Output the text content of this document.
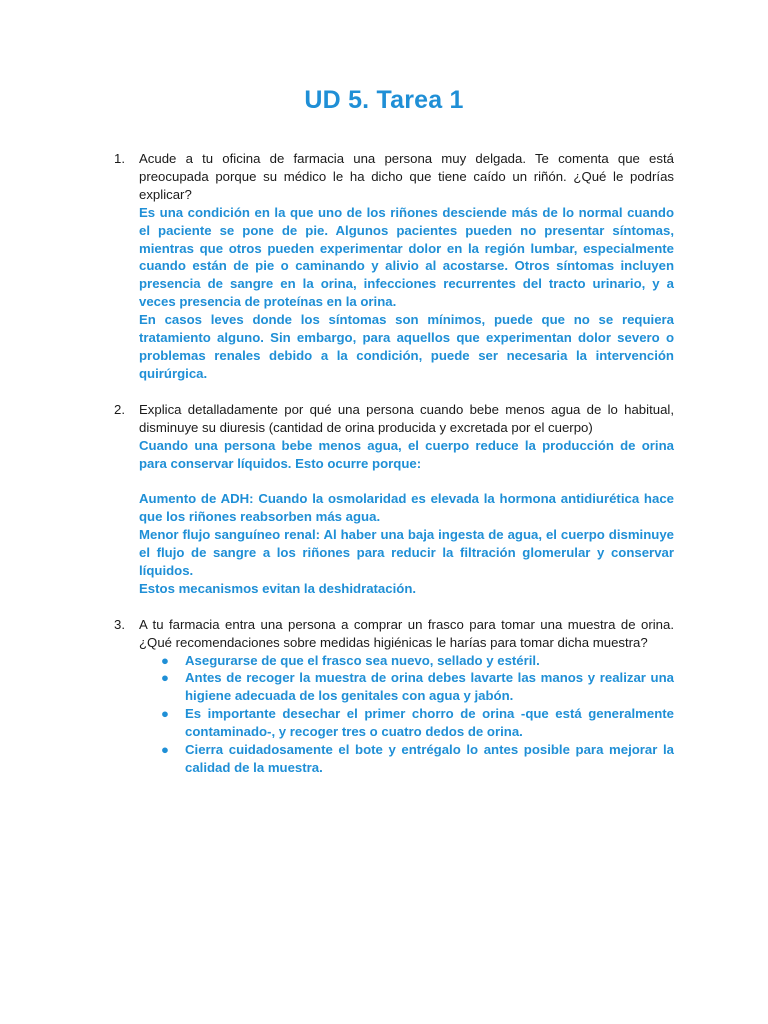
UD 5. Tarea 1
1.	Acude a tu oficina de farmacia una persona muy delgada. Te comenta que está preocupada porque su médico le ha dicho que tiene caído un riñón. ¿Qué le podrías explicar?

Es una condición en la que uno de los riñones desciende más de lo normal cuando el paciente se pone de pie. Algunos pacientes pueden no presentar síntomas, mientras que otros pueden experimentar dolor en la región lumbar, especialmente cuando están de pie o caminando y alivio al acostarse. Otros síntomas incluyen presencia de sangre en la orina, infecciones recurrentes del tracto urinario, y a veces presencia de proteínas en la orina.

En casos leves donde los síntomas son mínimos, puede que no se requiera tratamiento alguno. Sin embargo, para aquellos que experimentan dolor severo o problemas renales debido a la condición, puede ser necesaria la intervención quirúrgica.

2.	Explica detalladamente por qué una persona cuando bebe menos agua de lo habitual, disminuye su diuresis (cantidad de orina producida y excretada por el cuerpo)

Cuando una persona bebe menos agua, el cuerpo reduce la producción de orina para conservar líquidos. Esto ocurre porque:

Aumento de ADH: Cuando la osmolaridad es elevada la hormona antidiurética hace que los riñones reabsorben más agua.

Menor flujo sanguíneo renal: Al haber una baja ingesta de agua, el cuerpo disminuye el flujo de sangre a los riñones para reducir la filtración glomerular y conservar líquidos.

Estos mecanismos evitan la deshidratación.

3.	A tu farmacia entra una persona a comprar un frasco para tomar una muestra de orina. ¿Qué recomendaciones sobre medidas higiénicas le harías para tomar dicha muestra?

● Asegurarse de que el frasco sea nuevo, sellado y estéril.
● Antes de recoger la muestra de orina debes lavarte las manos y realizar una higiene adecuada de los genitales con agua y jabón.
● Es importante desechar el primer chorro de orina -que está generalmente contaminado-, y recoger tres o cuatro dedos de orina.
● Cierra cuidadosamente el bote y entrégalo lo antes posible para mejorar la calidad de la muestra.
